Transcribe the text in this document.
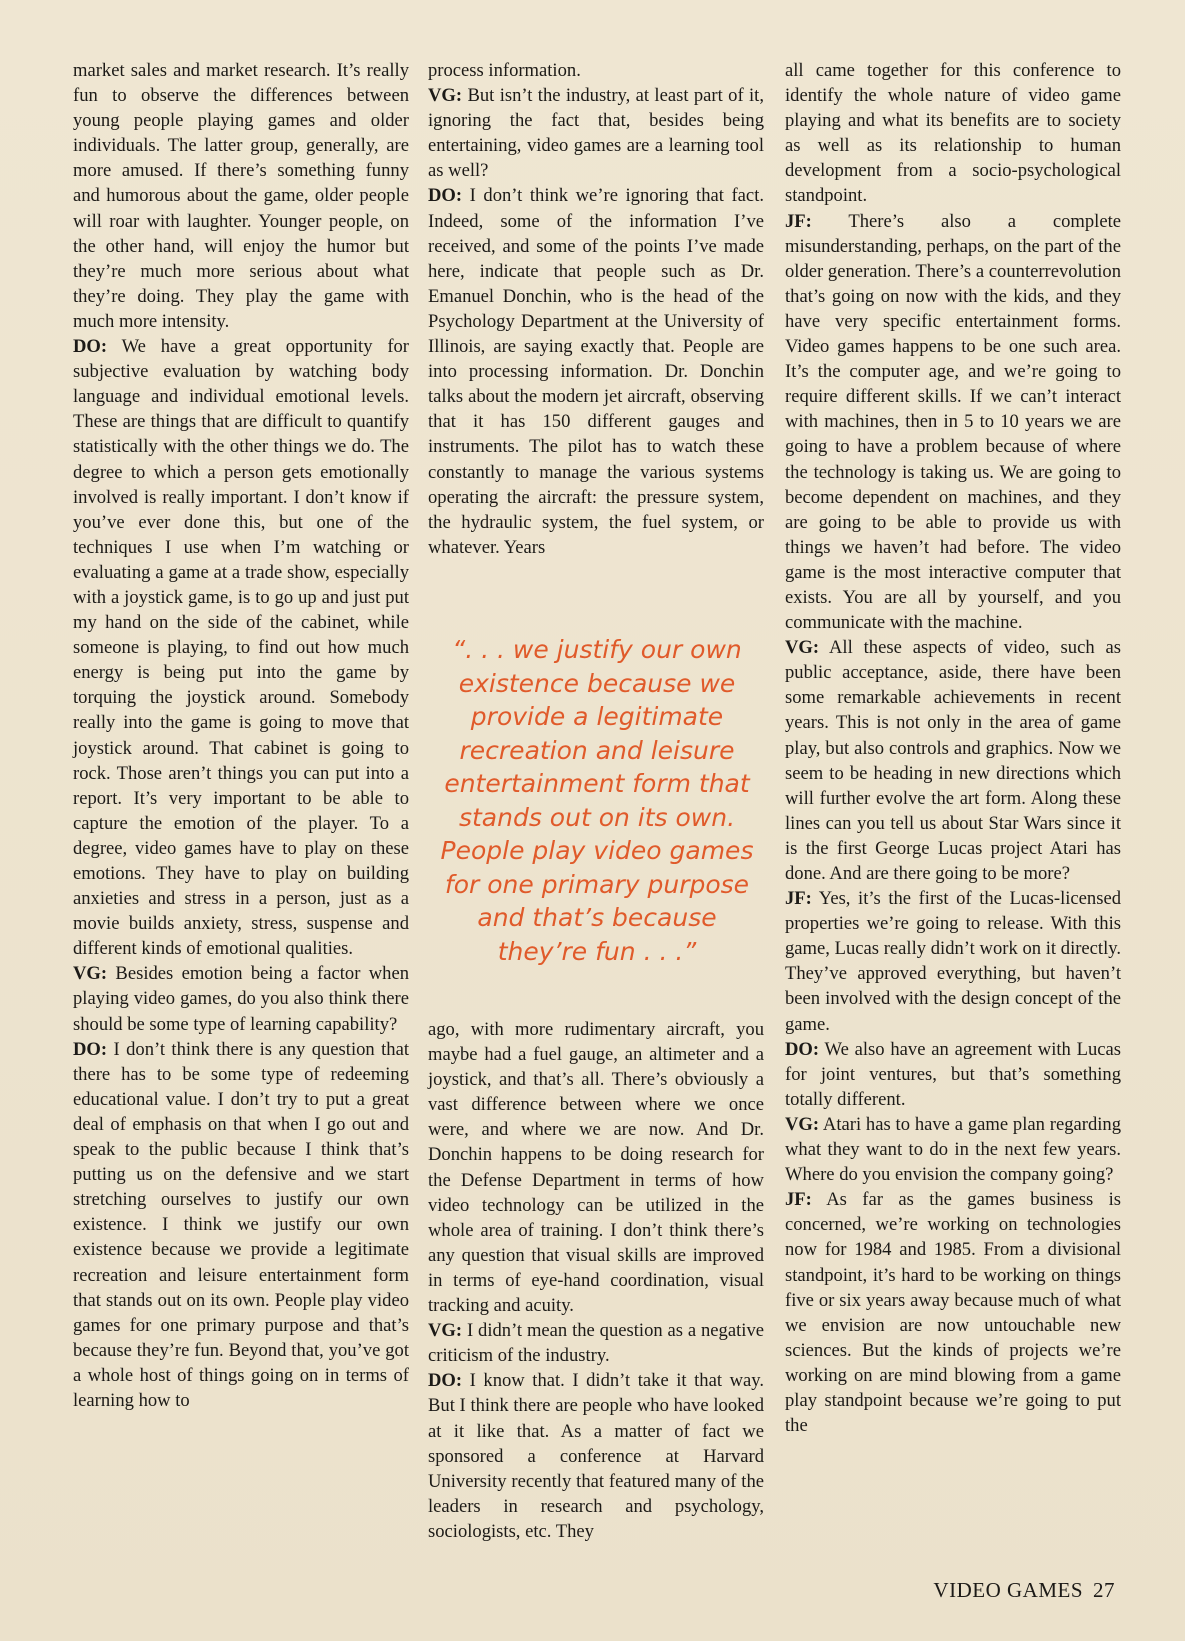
market sales and market research. It’s really fun to observe the differences between young people playing games and older individuals. The latter group, generally, are more amused. If there’s something funny and humorous about the game, older people will roar with laughter. Younger people, on the other hand, will enjoy the humor but they’re much more serious about what they’re doing. They play the game with much more intensity.

DO: We have a great opportunity for subjective evaluation by watching body language and individual emotional levels. These are things that are difficult to quantify statistically with the other things we do. The degree to which a person gets emotionally involved is really important. I don’t know if you’ve ever done this, but one of the techniques I use when I’m watching or evaluating a game at a trade show, especially with a joystick game, is to go up and just put my hand on the side of the cabinet, while someone is playing, to find out how much energy is being put into the game by torquing the joystick around. Somebody really into the game is going to move that joystick around. That cabinet is going to rock. Those aren’t things you can put into a report. It’s very important to be able to capture the emotion of the player. To a degree, video games have to play on these emotions. They have to play on building anxieties and stress in a person, just as a movie builds anxiety, stress, suspense and different kinds of emotional qualities.

VG: Besides emotion being a factor when playing video games, do you also think there should be some type of learning capability?

DO: I don’t think there is any question that there has to be some type of redeeming educational value. I don’t try to put a great deal of emphasis on that when I go out and speak to the public because I think that’s putting us on the defensive and we start stretching ourselves to justify our own existence. I think we justify our own existence because we provide a legitimate recreation and leisure entertainment form that stands out on its own. People play video games for one primary purpose and that’s because they’re fun. Beyond that, you’ve got a whole host of things going on in terms of learning how to

process information.

VG: But isn’t the industry, at least part of it, ignoring the fact that, besides being entertaining, video games are a learning tool as well?

DO: I don’t think we’re ignoring that fact. Indeed, some of the information I’ve received, and some of the points I’ve made here, indicate that people such as Dr. Emanuel Donchin, who is the head of the Psychology Department at the University of Illinois, are saying exactly that. People are into processing information. Dr. Donchin talks about the modern jet aircraft, observing that it has 150 different gauges and instruments. The pilot has to watch these constantly to manage the various systems operating the aircraft: the pressure system, the hydraulic system, the fuel system, or whatever. Years

“. . . we justify our own existence because we provide a legitimate recreation and leisure entertainment form that stands out on its own. People play video games for one primary purpose and that’s because they’re fun . . .”

ago, with more rudimentary aircraft, you maybe had a fuel gauge, an altimeter and a joystick, and that’s all. There’s obviously a vast difference between where we once were, and where we are now. And Dr. Donchin happens to be doing research for the Defense Department in terms of how video technology can be utilized in the whole area of training. I don’t think there’s any question that visual skills are improved in terms of eye-hand coordination, visual tracking and acuity.

VG: I didn’t mean the question as a negative criticism of the industry.

DO: I know that. I didn’t take it that way. But I think there are people who have looked at it like that. As a matter of fact we sponsored a conference at Harvard University recently that featured many of the leaders in research and psychology, sociologists, etc. They

all came together for this conference to identify the whole nature of video game playing and what its benefits are to society as well as its relationship to human development from a socio-psychological standpoint.

JF: There’s also a complete misunderstanding, perhaps, on the part of the older generation. There’s a counterrevolution that’s going on now with the kids, and they have very specific entertainment forms. Video games happens to be one such area. It’s the computer age, and we’re going to require different skills. If we can’t interact with machines, then in 5 to 10 years we are going to have a problem because of where the technology is taking us. We are going to become dependent on machines, and they are going to be able to provide us with things we haven’t had before. The video game is the most interactive computer that exists. You are all by yourself, and you communicate with the machine.

VG: All these aspects of video, such as public acceptance, aside, there have been some remarkable achievements in recent years. This is not only in the area of game play, but also controls and graphics. Now we seem to be heading in new directions which will further evolve the art form. Along these lines can you tell us about Star Wars since it is the first George Lucas project Atari has done. And are there going to be more?

JF: Yes, it’s the first of the Lucas-licensed properties we’re going to release. With this game, Lucas really didn’t work on it directly. They’ve approved everything, but haven’t been involved with the design concept of the game.

DO: We also have an agreement with Lucas for joint ventures, but that’s something totally different.

VG: Atari has to have a game plan regarding what they want to do in the next few years. Where do you envision the company going?

JF: As far as the games business is concerned, we’re working on technologies now for 1984 and 1985. From a divisional standpoint, it’s hard to be working on things five or six years away because much of what we envision are now untouchable new sciences. But the kinds of projects we’re working on are mind blowing from a game play standpoint because we’re going to put the

VIDEO GAMES 27
